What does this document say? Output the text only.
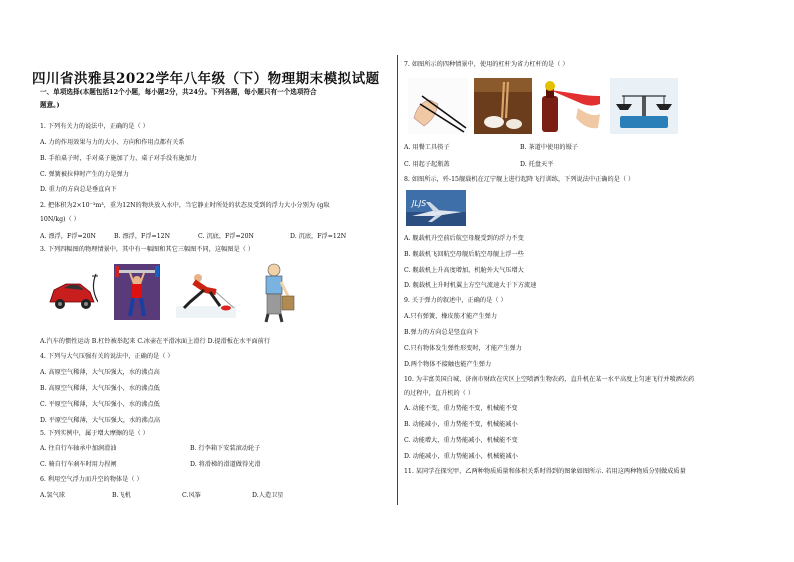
四川省洪雅县2022学年八年级（下）物理期末模拟试题
一、单项选择(本题包括12个小题，每小题2分，共24分。下列各题，每小题只有一个选项符合
题意。)
1. 下列有关力的说法中，正确的是（ ）
A. 力的作用效果与力的大小、方向和作用点都有关系
B. 手拍桌子时，手对桌子施加了力，桌子对手没有施加力
C. 弹簧被拉伸时产生的力是弹力
D. 重力的方向总是垂直向下
2. 把体积为2×10⁻³m³，重为12N的物块放入水中，当它静止时所处的状态及受到的浮力大小分别为 (g取
10N/kg)（ ）
A. 漂浮，F浮=20N	B. 漂浮，F浮=12N	C. 沉底，F浮=20N	D. 沉底，F浮=12N
3. 下列四幅图的物理情景中，其中有一幅图和其它三幅图不同，这幅图是（ ）
A.汽车的惯性运动 B.杠铃被举起来 C.冰壶在平滑冰面上滑行 D.提滑板在水平面前行
4. 下列与大气压强有关的说法中，正确的是（ ）
A. 高原空气稀薄，大气压强大，水的沸点高
B. 高原空气稀薄，大气压强小，水的沸点低
C. 平原空气稀薄，大气压强小，水的沸点低
D. 平原空气稀薄，大气压强大，水的沸点高
5. 下列实例中，属于增大摩擦的是（ ）
A. 往自行车轴承中加润滑油	B. 行李箱下安装滚动轮子
C. 骑自行车刹车时用力捏闸	D. 将滑梯的滑道做得光滑
6. 利用空气浮力而升空的物体是（ ）
A.氢气球	B.飞机	C.风筝	D.人造卫星
7. 如图所示的四种情景中，使用的杠杆为省力杠杆的是（ ）
A. 用餐工具筷子	B. 茶道中使用的镊子
C. 用起子起瓶盖	D. 托盘天平
8. 如图所示，歼-15舰载机在辽宁舰上进行起降飞行训练，下列说法中正确的是（ ）
JLJS
A. 舰载机升空前后航空母舰受到的浮力不变
B. 舰载机飞回航空母舰后航空母舰上浮一些
C. 舰载机上升高度增加，机舱外大气压增大
D. 舰载机上升时机翼上方空气流速大于下方流速
9. 关于弹力的叙述中，正确的是（ ）
A.只有弹簧、橡皮筋才能产生弹力
B.弹力的方向总是竖直向下
C.只有物体发生弹性形变时，才能产生弹力
D.两个物体不接触也能产生弹力
10. 为丰富美国白城，济南市财政在灾区上空喷洒生物农药，直升机在某一水平高度上匀速飞行并喷洒农药
的过程中，直升机的（ ）
A. 动能不变，重力势能不变，机械能不变
B. 动能减小，重力势能不变，机械能减小
C. 动能增大，重力势能减小，机械能不变
D. 动能减小，重力势能减小，机械能减小
11. 某同学在探究甲、乙两种物质质量和体积关系时得到的图象如图所示. 若用这两种物质分别做成质量
